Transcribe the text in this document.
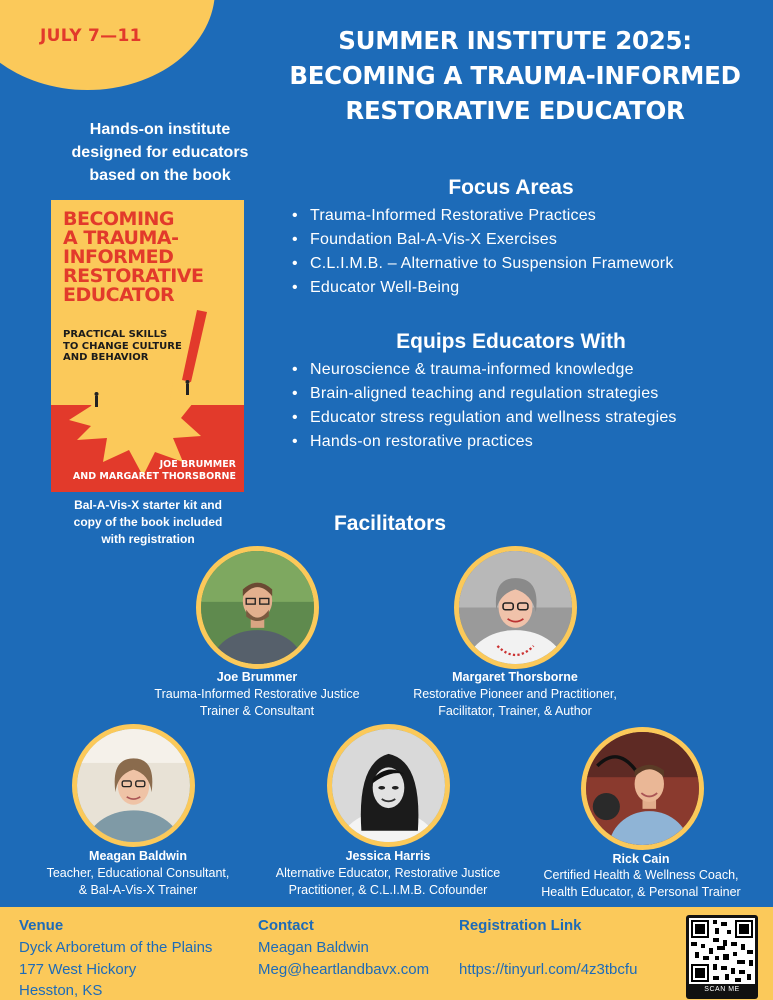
JULY 7—11	SUMMER INSTITUTE 2025:
BECOMING A TRAUMA-INFORMED
RESTORATIVE EDUCATOR
Hands-on institute
designed for educators
based on the book
BECOMING
A TRAUMA-
INFORMED
RESTORATIVE
EDUCATOR
PRACTICAL SKILLS
TO CHANGE CULTURE
AND BEHAVIOR
JOE BRUMMER
AND MARGARET THORSBORNE
Bal-A-Vis-X starter kit and
copy of the book included
with registration
Focus Areas
• Trauma-Informed Restorative Practices
• Foundation Bal-A-Vis-X Exercises
• C.L.I.M.B. – Alternative to Suspension Framework
• Educator Well-Being
Equips Educators With
• Neuroscience & trauma-informed knowledge
• Brain-aligned teaching and regulation strategies
• Educator stress regulation and wellness strategies
• Hands-on restorative practices
Facilitators
Joe Brummer
Trauma-Informed Restorative Justice
Trainer & Consultant
Margaret Thorsborne
Restorative Pioneer and Practitioner,
Facilitator, Trainer, & Author
Meagan Baldwin
Teacher, Educational Consultant,
& Bal-A-Vis-X Trainer
Jessica Harris
Alternative Educator, Restorative Justice
Practitioner, & C.L.I.M.B. Cofounder
Rick Cain
Certified Health & Wellness Coach,
Health Educator, & Personal Trainer
Venue
Dyck Arboretum of the Plains
177 West Hickory
Hesston, KS
Contact
Meagan Baldwin
Meg@heartlandbavx.com
Registration Link
https://tinyurl.com/4z3tbcfu
SCAN ME
